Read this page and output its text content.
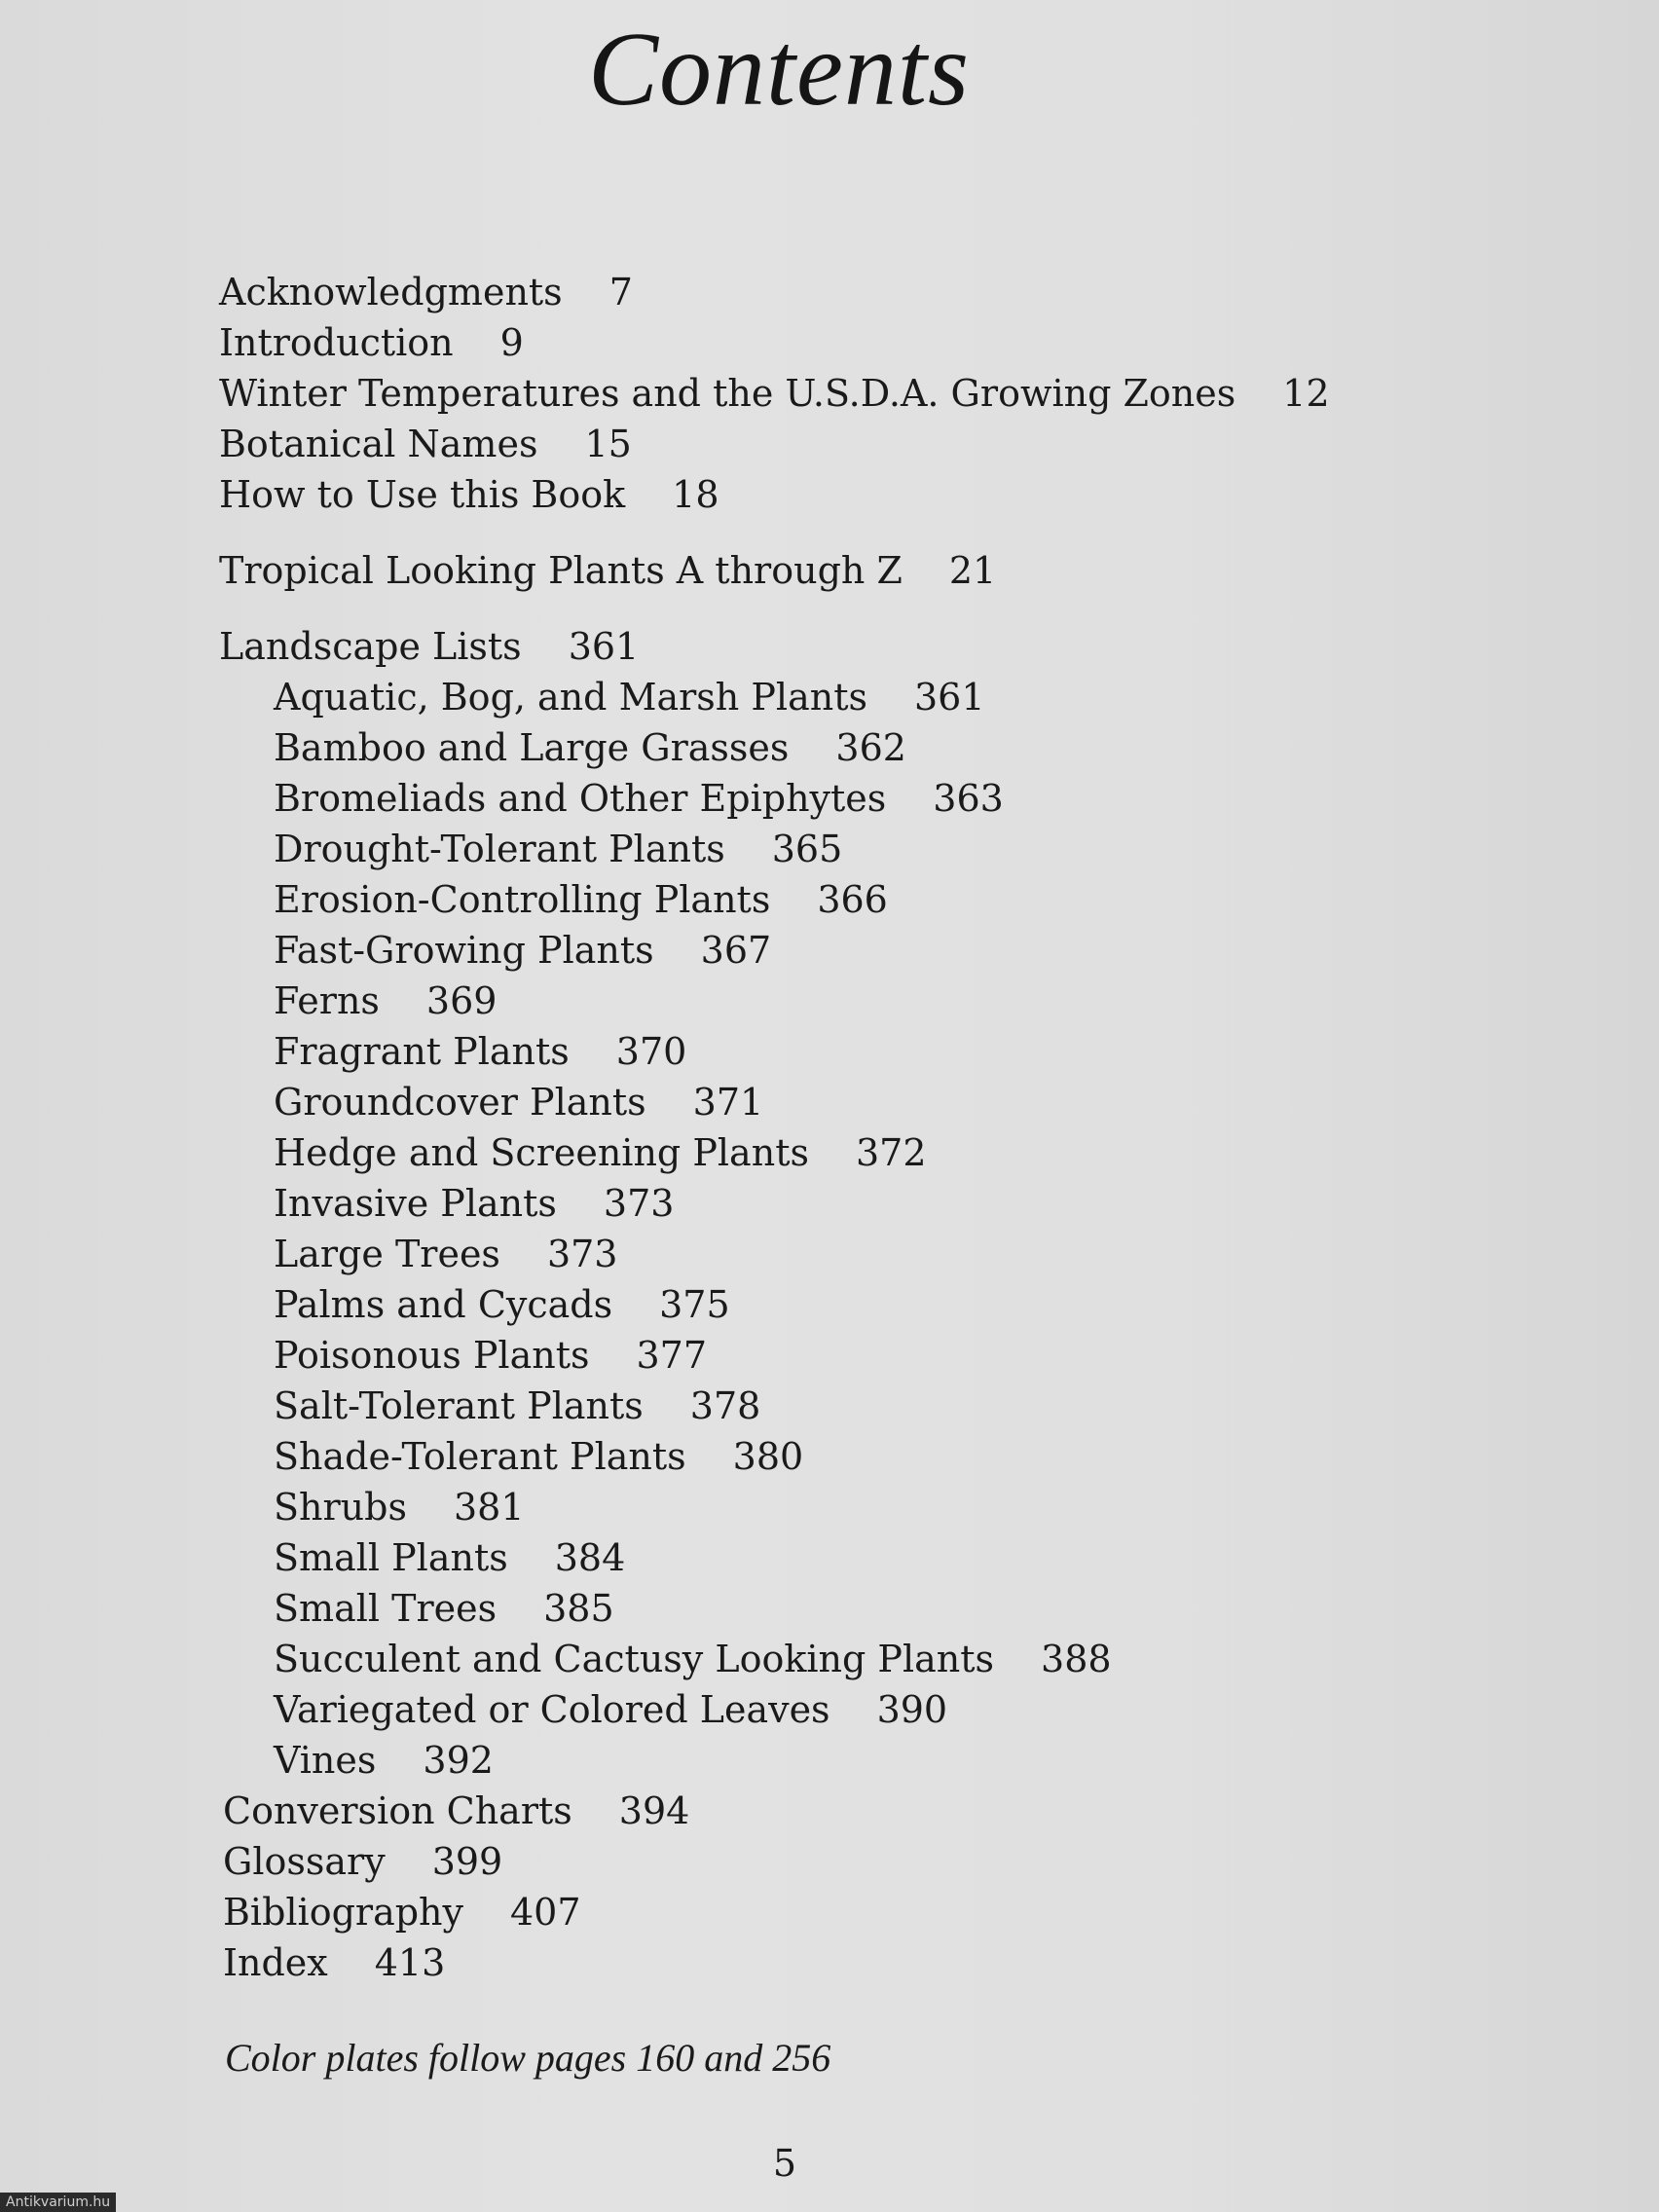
Contents
Acknowledgments 7
Introduction 9
Winter Temperatures and the U.S.D.A. Growing Zones 12
Botanical Names 15
How to Use this Book 18
Tropical Looking Plants A through Z 21
Landscape Lists 361
Aquatic, Bog, and Marsh Plants 361
Bamboo and Large Grasses 362
Bromeliads and Other Epiphytes 363
Drought-Tolerant Plants 365
Erosion-Controlling Plants 366
Fast-Growing Plants 367
Ferns 369
Fragrant Plants 370
Groundcover Plants 371
Hedge and Screening Plants 372
Invasive Plants 373
Large Trees 373
Palms and Cycads 375
Poisonous Plants 377
Salt-Tolerant Plants 378
Shade-Tolerant Plants 380
Shrubs 381
Small Plants 384
Small Trees 385
Succulent and Cactusy Looking Plants 388
Variegated or Colored Leaves 390
Vines 392
Conversion Charts 394
Glossary 399
Bibliography 407
Index 413
Color plates follow pages 160 and 256
5
Antikvarium.hu
